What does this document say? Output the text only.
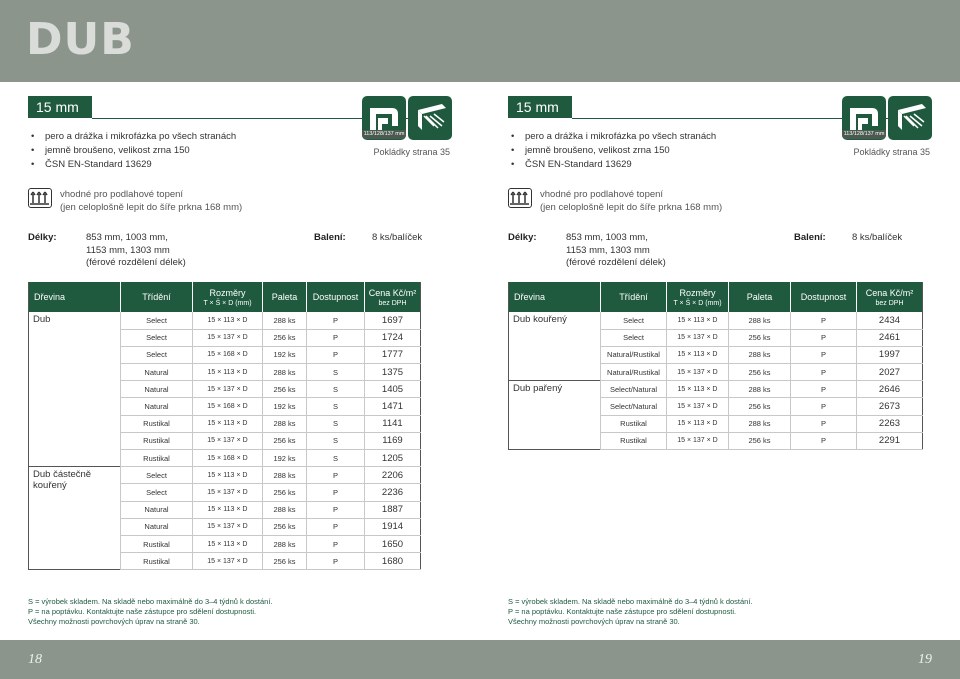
DUB
15 mm
• pero a drážka i mikrofázka po všech stranách
• jemně broušeno, velikost zrna 150
• ČSN EN-Standard 13629
113/128/137 mm
Pokládky strana 35
vhodné pro podlahové topení
(jen celoplošně lepit do šíře prkna 168 mm)
Délky:	853 mm, 1003 mm,
1153 mm, 1303 mm
(férové rozdělení délek)
Balení:	8 ks/balíček
Dřevina	Třídění	Rozměry
T × Š × D (mm)	Paleta	Dostupnost	Cena Kč/m²
bez DPH

Dub	Select	15 × 113 × D	288 ks	P	1697
	Select	15 × 137 × D	256 ks	P	1724
	Select	15 × 168 × D	192 ks	P	1777
	Natural	15 × 113 × D	288 ks	S	1375
	Natural	15 × 137 × D	256 ks	S	1405
	Natural	15 × 168 × D	192 ks	S	1471
	Rustikal	15 × 113 × D	288 ks	S	1141
	Rustikal	15 × 137 × D	256 ks	S	1169
	Rustikal	15 × 168 × D	192 ks	S	1205
Dub částečně kouřený	Select	15 × 113 × D	288 ks	P	2206
	Select	15 × 137 × D	256 ks	P	2236
	Natural	15 × 113 × D	288 ks	P	1887
	Natural	15 × 137 × D	256 ks	P	1914
	Rustikal	15 × 113 × D	288 ks	P	1650
	Rustikal	15 × 137 × D	256 ks	P	1680
S = výrobek skladem. Na skladě nebo maximálně do 3–4 týdnů k dostání.
P = na poptávku. Kontaktujte naše zástupce pro sdělení dostupnosti.
Všechny možnosti povrchových úprav na straně 30.
15 mm
• pero a drážka i mikrofázka po všech stranách
• jemně broušeno, velikost zrna 150
• ČSN EN-Standard 13629
113/128/137 mm
Pokládky strana 35
vhodné pro podlahové topení
(jen celoplošně lepit do šíře prkna 168 mm)
Délky:	853 mm, 1003 mm,
1153 mm, 1303 mm
(férové rozdělení délek)
Balení:	8 ks/balíček
Dřevina	Třídění	Rozměry
T × Š × D (mm)	Paleta	Dostupnost	Cena Kč/m²
bez DPH

Dub kouřený	Select	15 × 113 × D	288 ks	P	2434
	Select	15 × 137 × D	256 ks	P	2461
	Natural/Rustikal	15 × 113 × D	288 ks	P	1997
	Natural/Rustikal	15 × 137 × D	256 ks	P	2027
Dub pařený	Select/Natural	15 × 113 × D	288 ks	P	2646
	Select/Natural	15 × 137 × D	256 ks	P	2673
	Rustikal	15 × 113 × D	288 ks	P	2263
	Rustikal	15 × 137 × D	256 ks	P	2291
S = výrobek skladem. Na skladě nebo maximálně do 3–4 týdnů k dostání.
P = na poptávku. Kontaktujte naše zástupce pro sdělení dostupnosti.
Všechny možnosti povrchových úprav na straně 30.
18	19
